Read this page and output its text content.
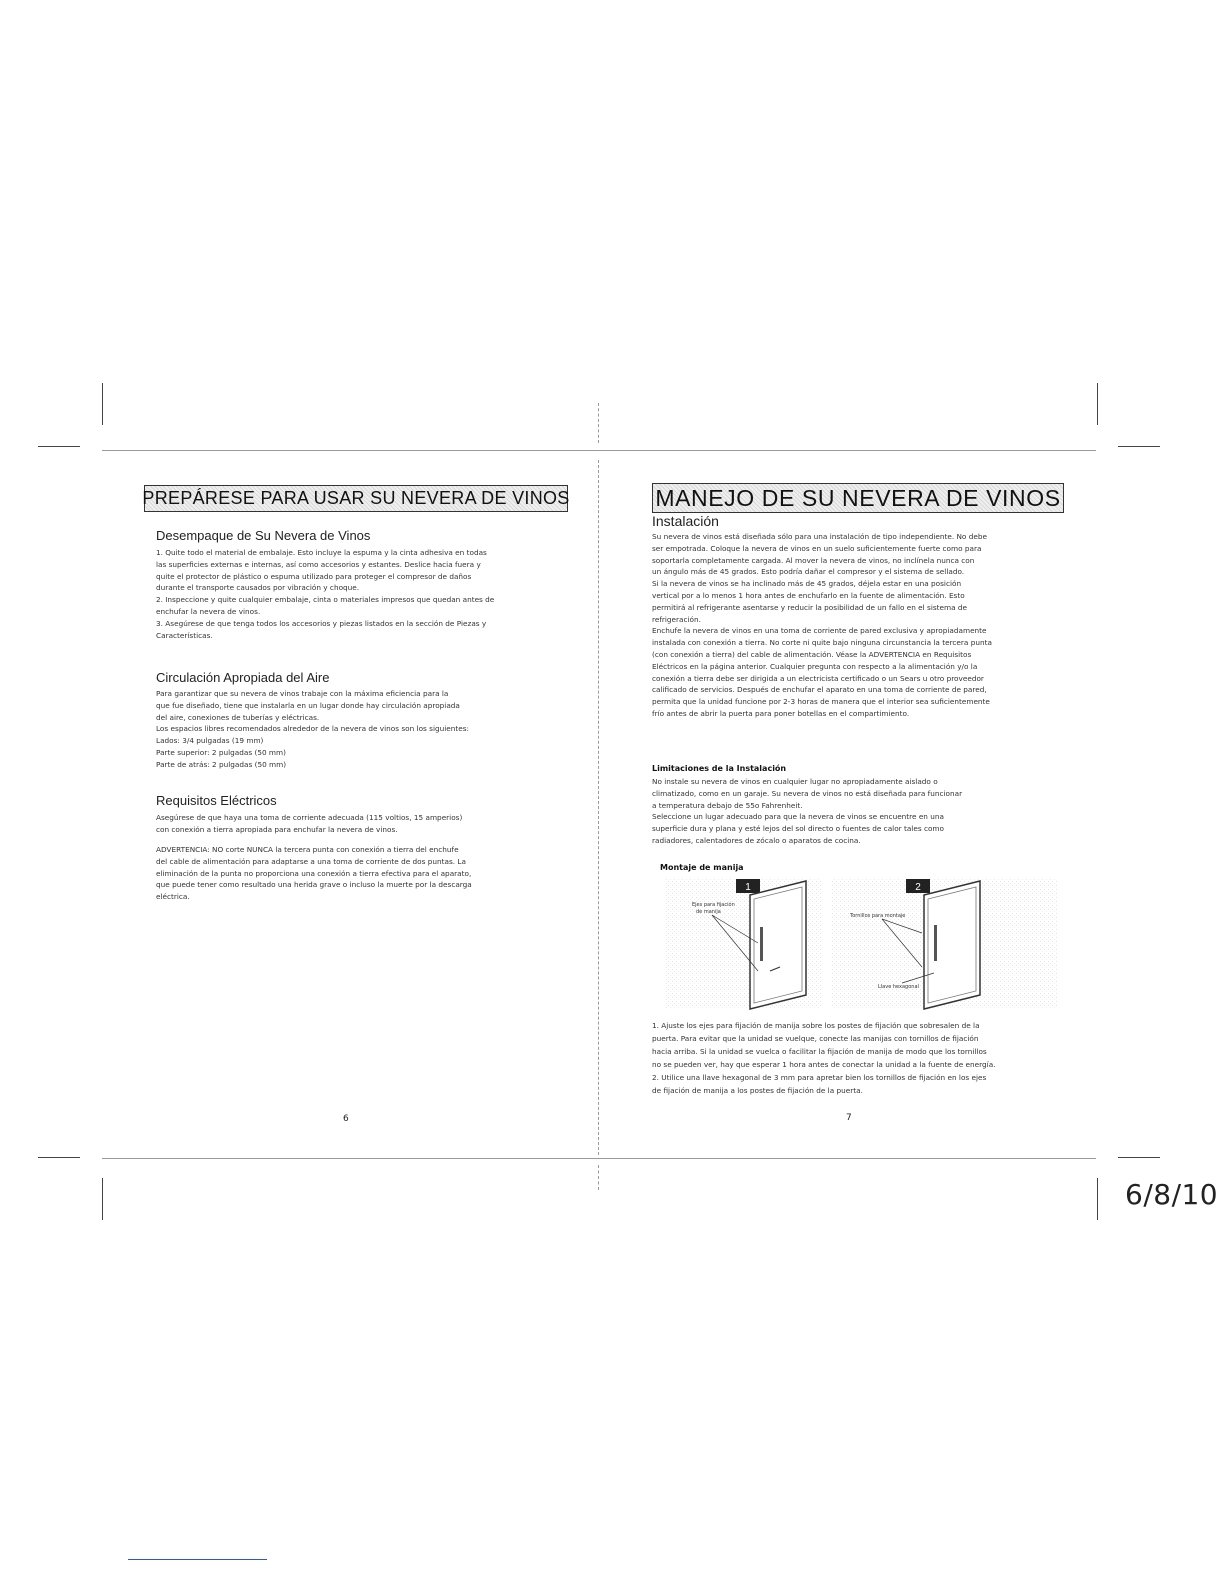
PREPÁRESE PARA USAR SU NEVERA DE VINOS
Desempaque de Su Nevera de Vinos
1. Quite todo el material de embalaje. Esto incluye la espuma y la cinta adhesiva en todas
las superficies externas e internas, así como accesorios y estantes. Deslice hacia fuera y
quite el protector de plástico o espuma utilizado para proteger el compresor de daños
durante el transporte causados por vibración y choque.
2. Inspeccione y quite cualquier embalaje, cinta o materiales impresos que quedan antes de
enchufar la nevera de vinos.
3. Asegúrese de que tenga todos los accesorios y piezas listados en la sección de Piezas y
Características.
Circulación Apropiada del Aire
Para garantizar que su nevera de vinos trabaje con la máxima eficiencia para la
que fue diseñado, tiene que instalarla en un lugar donde hay circulación apropiada
del aire, conexiones de tuberías y eléctricas.
Los espacios libres recomendados alrededor de la nevera de vinos son los siguientes:
Lados: 3/4 pulgadas (19 mm)
Parte superior: 2 pulgadas (50 mm)
Parte de atrás: 2 pulgadas (50 mm)
Requisitos Eléctricos
Asegúrese de que haya una toma de corriente adecuada (115 voltios, 15 amperios)
con conexión a tierra apropiada para enchufar la nevera de vinos.
ADVERTENCIA: NO corte NUNCA la tercera punta con conexión a tierra del enchufe
del cable de alimentación para adaptarse a una toma de corriente de dos puntas. La
eliminación de la punta no proporciona una conexión a tierra efectiva para el aparato,
que puede tener como resultado una herida grave o incluso la muerte por la descarga
eléctrica.
6
MANEJO DE SU NEVERA DE VINOS
Instalación
Su nevera de vinos está diseñada sólo para una instalación de tipo independiente. No debe
ser empotrada. Coloque la nevera de vinos en un suelo suficientemente fuerte como para
soportarla completamente cargada. Al mover la nevera de vinos, no inclínela nunca con
un ángulo más de 45 grados. Esto podría dañar el compresor y el sistema de sellado.
Si la nevera de vinos se ha inclinado más de 45 grados, déjela estar en una posición
vertical por a lo menos 1 hora antes de enchufarlo en la fuente de alimentación. Esto
permitirá al refrigerante asentarse y reducir la posibilidad de un fallo en el sistema de
refrigeración.
Enchufe la nevera de vinos en una toma de corriente de pared exclusiva y apropiadamente
instalada con conexión a tierra. No corte ni quite bajo ninguna circunstancia la tercera punta
(con conexión a tierra) del cable de alimentación. Véase la ADVERTENCIA en Requisitos
Eléctricos en la página anterior. Cualquier pregunta con respecto a la alimentación y/o la
conexión a tierra debe ser dirigida a un electricista certificado o un Sears u otro proveedor
calificado de servicios. Después de enchufar el aparato en una toma de corriente de pared,
permita que la unidad funcione por 2-3 horas de manera que el interior sea suficientemente
frío antes de abrir la puerta para poner botellas en el compartimiento.
Limitaciones de la Instalación
No instale su nevera de vinos en cualquier lugar no apropiadamente aislado o
climatizado, como en un garaje. Su nevera de vinos no está diseñada para funcionar
a temperatura debajo de 55o Fahrenheit.
Seleccione un lugar adecuado para que la nevera de vinos se encuentre en una
superficie dura y plana y esté lejos del sol directo o fuentes de calor tales como
radiadores, calentadores de zócalo o aparatos de cocina.
Montaje de manija
1
Ejes para fijación
de manija
2
Tornillos para montaje
Llave hexagonal
1. Ajuste los ejes para fijación de manija sobre los postes de fijación que sobresalen de la
puerta. Para evitar que la unidad se vuelque, conecte las manijas con tornillos de fijación
hacia arriba. Si la unidad se vuelca o facilitar la fijación de manija de modo que los tornillos
no se pueden ver, hay que esperar 1 hora antes de conectar la unidad a la fuente de energía.
2. Utilice una llave hexagonal de 3 mm para apretar bien los tornillos de fijación en los ejes
de fijación de manija a los postes de fijación de la puerta.
7
6/8/10
